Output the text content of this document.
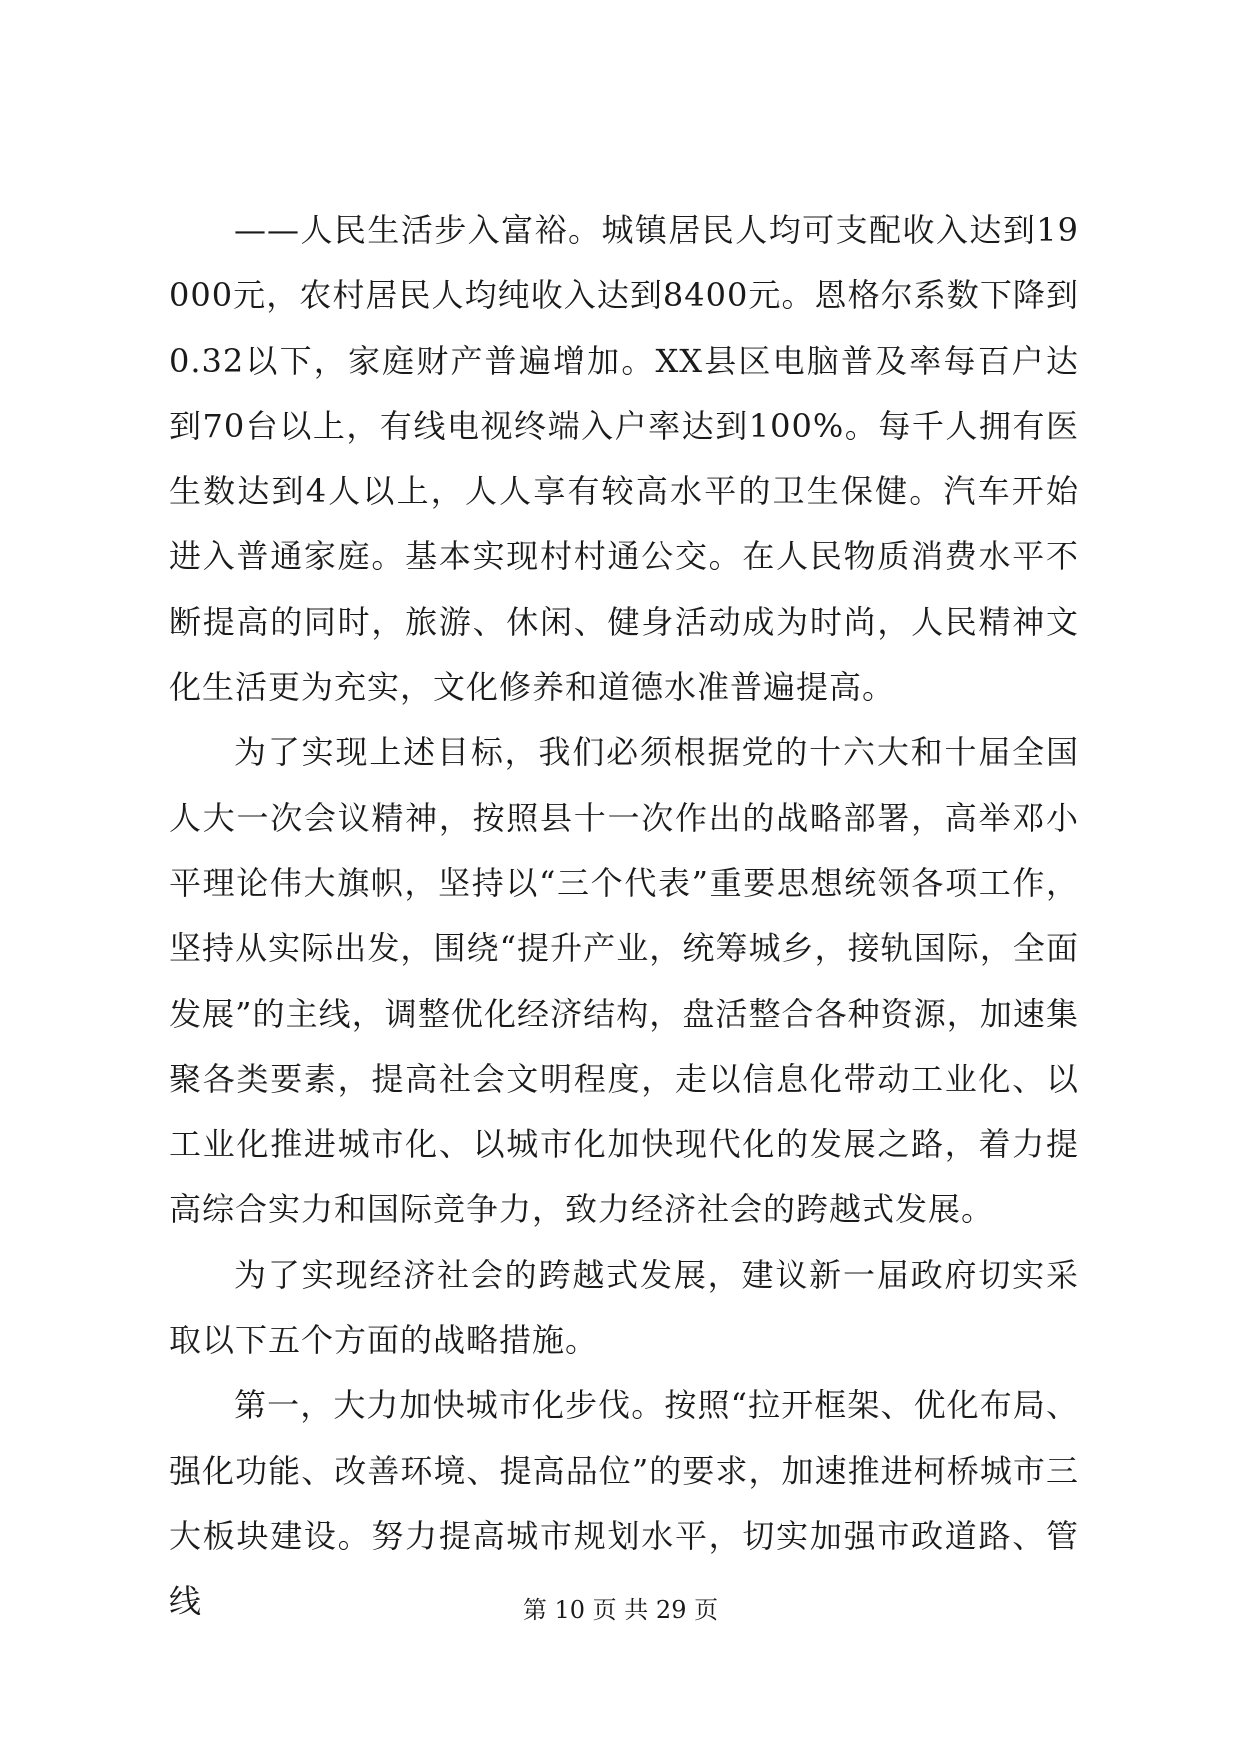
——人民生活步入富裕。城镇居民人均可支配收入达到19000元，农村居民人均纯收入达到8400元。恩格尔系数下降到0.32以下，家庭财产普遍增加。XX县区电脑普及率每百户达到70台以上，有线电视终端入户率达到100%。每千人拥有医生数达到4人以上，人人享有较高水平的卫生保健。汽车开始进入普通家庭。基本实现村村通公交。在人民物质消费水平不断提高的同时，旅游、休闲、健身活动成为时尚，人民精神文化生活更为充实，文化修养和道德水准普遍提高。

为了实现上述目标，我们必须根据党的十六大和十届全国人大一次会议精神，按照县十一次作出的战略部署，高举邓小平理论伟大旗帜，坚持以“三个代表”重要思想统领各项工作，坚持从实际出发，围绕“提升产业，统筹城乡，接轨国际，全面发展”的主线，调整优化经济结构，盘活整合各种资源，加速集聚各类要素，提高社会文明程度，走以信息化带动工业化、以工业化推进城市化、以城市化加快现代化的发展之路，着力提高综合实力和国际竞争力，致力经济社会的跨越式发展。

为了实现经济社会的跨越式发展，建议新一届政府切实采取以下五个方面的战略措施。

第一，大力加快城市化步伐。按照“拉开框架、优化布局、强化功能、改善环境、提高品位”的要求，加速推进柯桥城市三大板块建设。努力提高城市规划水平，切实加强市政道路、管线	第 10 页 共 29 页
